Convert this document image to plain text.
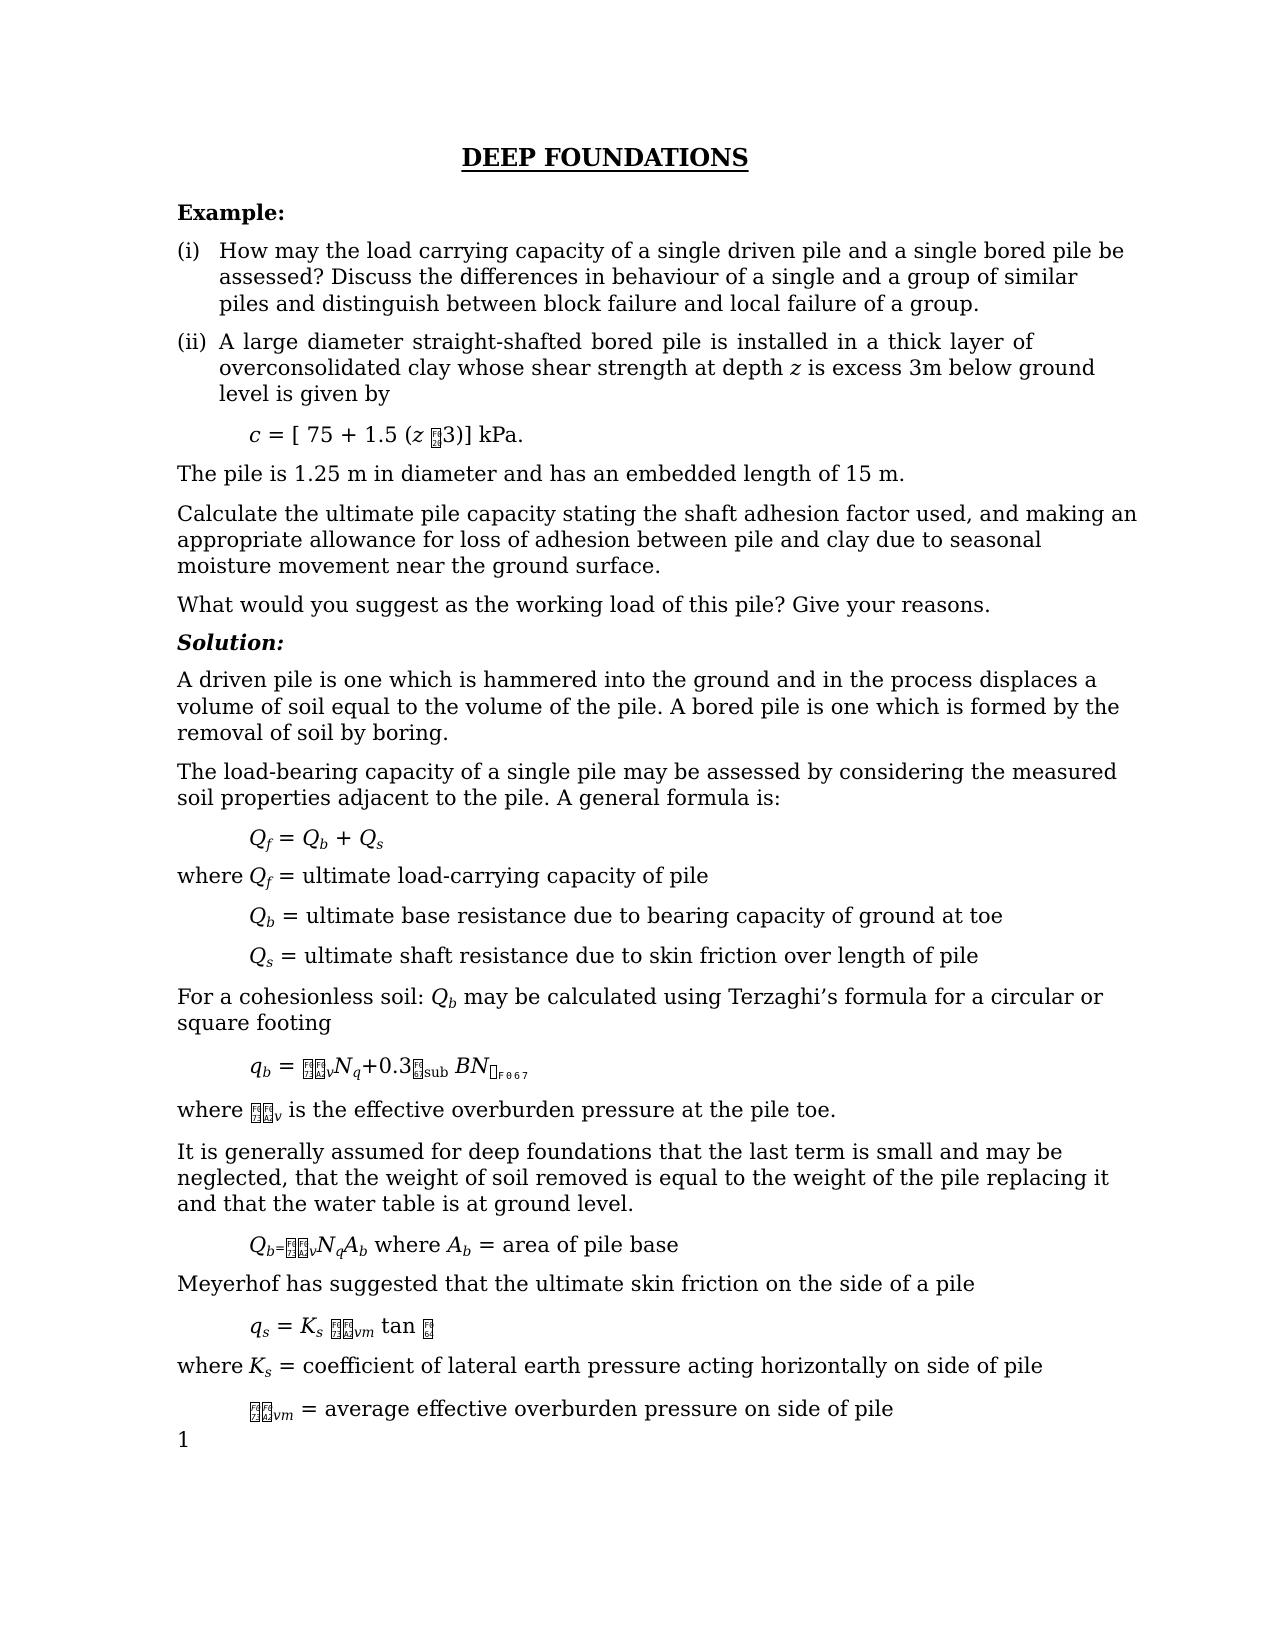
DEEP FOUNDATIONS
Example:
(i) How may the load carrying capacity of a single driven pile and a single bored pile be
assessed? Discuss the differences in behaviour of a single and a group of similar
piles and distinguish between block failure and local failure of a group.
(ii) A large diameter straight-shafted bored pile is installed in a thick layer of
overconsolidated clay whose shear strength at depth z is excess 3m below ground
level is given by
c = [ 75 + 1.5 (z F0
203)] kPa.
The pile is 1.25 m in diameter and has an embedded length of 15 m.
Calculate the ultimate pile capacity stating the shaft adhesion factor used, and making an
appropriate allowance for loss of adhesion between pile and clay due to seasonal
moisture movement near the ground surface.
What would you suggest as the working load of this pile? Give your reasons.
Solution:
A driven pile is one which is hammered into the ground and in the process displaces a
volume of soil equal to the volume of the pile. A bored pile is one which is formed by the
removal of soil by boring.
The load-bearing capacity of a single pile may be assessed by considering the measured
soil properties adjacent to the pile. A general formula is:
$Q_f = Q_b + Q_s$
where $Q_f$ = ultimate load-carrying capacity of pile
$Q_b$ = ultimate base resistance due to bearing capacity of ground at toe
$Q_s$ = ultimate shaft resistance due to skin friction over length of pile
For a cohesionless soil: $Q_b$ may be calculated using Terzaghi’s formula for a circular or
square footing
$q_b = F0$
73F0
$A2_vN_q+0.3$ F0
$67_{sub}$ BN $_{F067}$
where F0
73F0
$A2_v$ is the effective overburden pressure at the pile toe.
It is generally assumed for deep foundations that the last term is small and may be
neglected, that the weight of soil removed is equal to the weight of the pile replacing it
and that the water table is at ground level.
$Q_b= F0$
73F0
$A2_vN_qA_b$ where $A_b$ = area of pile base
Meyerhof has suggested that the ultimate skin friction on the side of a pile
$q_s = K_s$ F0
73F0
$A2_{vm}$ tan F0
64
where $K_s$ = coefficient of lateral earth pressure acting horizontally on side of pile
F0
73F0
$A2_{vm}$ = average effective overburden pressure on side of pile
1
